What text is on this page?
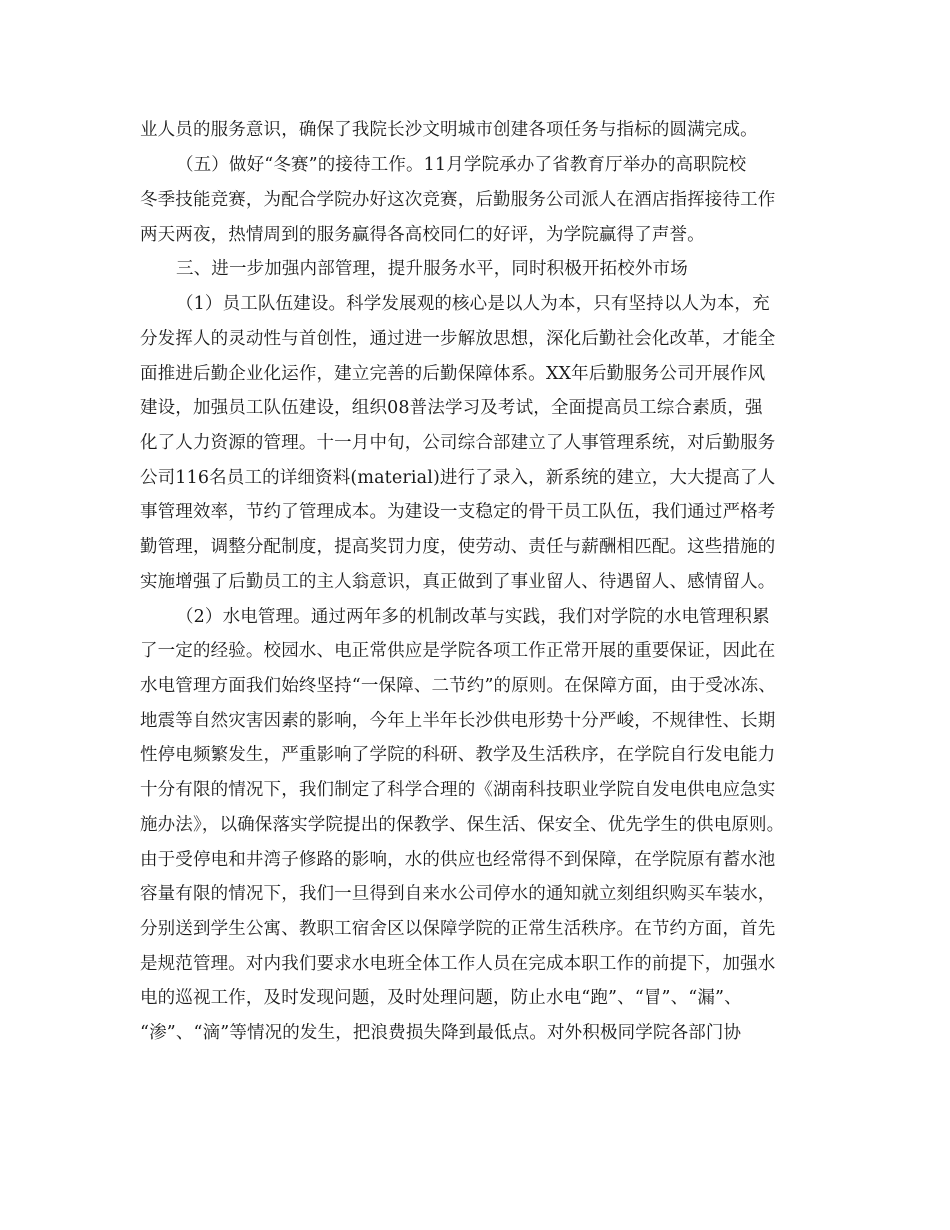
业人员的服务意识，确保了我院长沙文明城市创建各项任务与指标的圆满完成。
（五）做好“冬赛”的接待工作。11月学院承办了省教育厅举办的高职院校
冬季技能竞赛，为配合学院办好这次竞赛，后勤服务公司派人在酒店指挥接待工作
两天两夜，热情周到的服务赢得各高校同仁的好评，为学院赢得了声誉。
三、进一步加强内部管理，提升服务水平，同时积极开拓校外市场
（1）员工队伍建设。科学发展观的核心是以人为本，只有坚持以人为本，充
分发挥人的灵动性与首创性，通过进一步解放思想，深化后勤社会化改革，才能全
面推进后勤企业化运作，建立完善的后勤保障体系。XX年后勤服务公司开展作风
建设，加强员工队伍建设，组织08普法学习及考试，全面提高员工综合素质，强
化了人力资源的管理。十一月中旬，公司综合部建立了人事管理系统，对后勤服务
公司116名员工的详细资料(material)进行了录入，新系统的建立，大大提高了人
事管理效率，节约了管理成本。为建设一支稳定的骨干员工队伍，我们通过严格考
勤管理，调整分配制度，提高奖罚力度，使劳动、责任与薪酬相匹配。这些措施的
实施增强了后勤员工的主人翁意识，真正做到了事业留人、待遇留人、感情留人。
（2）水电管理。通过两年多的机制改革与实践，我们对学院的水电管理积累
了一定的经验。校园水、电正常供应是学院各项工作正常开展的重要保证，因此在
水电管理方面我们始终坚持“一保障、二节约”的原则。在保障方面，由于受冰冻、
地震等自然灾害因素的影响，今年上半年长沙供电形势十分严峻，不规律性、长期
性停电频繁发生，严重影响了学院的科研、教学及生活秩序，在学院自行发电能力
十分有限的情况下，我们制定了科学合理的《湖南科技职业学院自发电供电应急实
施办法》，以确保落实学院提出的保教学、保生活、保安全、优先学生的供电原则。
由于受停电和井湾子修路的影响，水的供应也经常得不到保障，在学院原有蓄水池
容量有限的情况下，我们一旦得到自来水公司停水的通知就立刻组织购买车装水，
分别送到学生公寓、教职工宿舍区以保障学院的正常生活秩序。在节约方面，首先
是规范管理。对内我们要求水电班全体工作人员在完成本职工作的前提下，加强水
电的巡视工作，及时发现问题，及时处理问题，防止水电“跑”、“冒”、“漏”、
“渗”、“滴”等情况的发生，把浪费损失降到最低点。对外积极同学院各部门协
